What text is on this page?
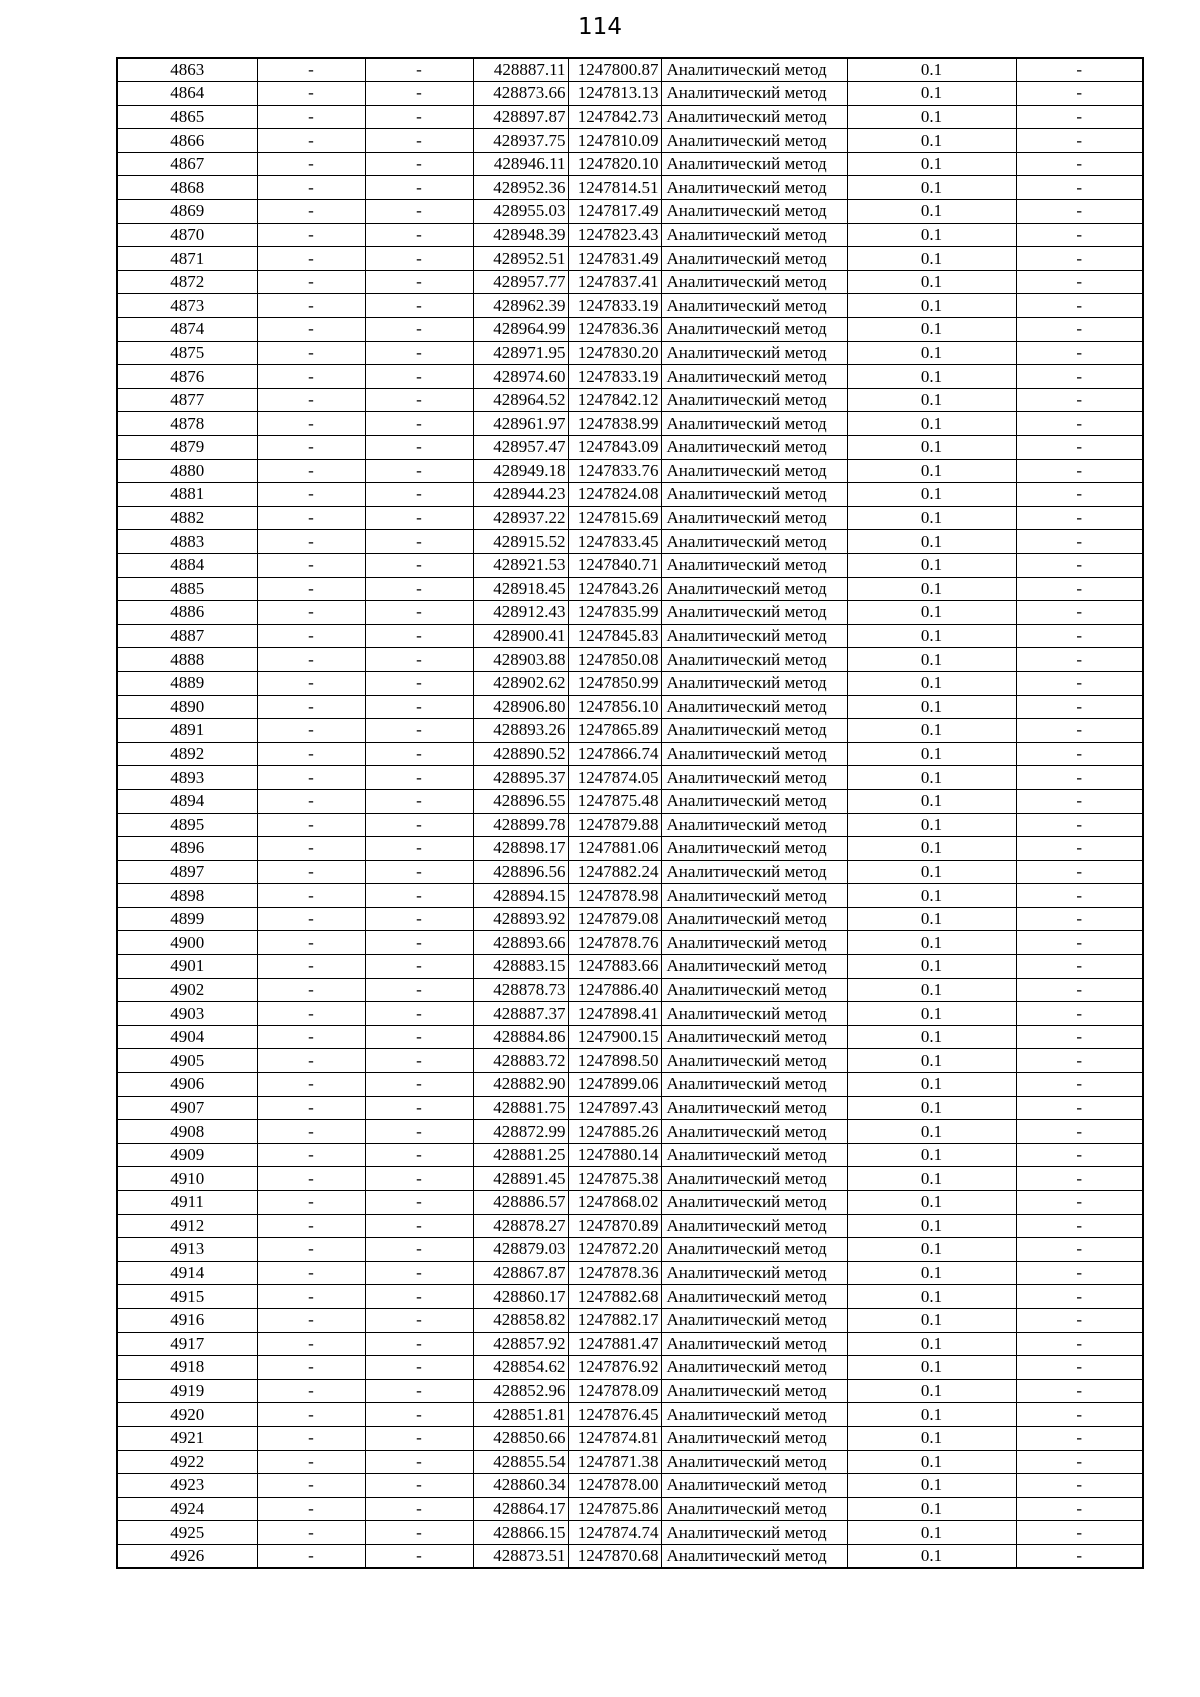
114
4863	-	-	428887.11	1247800.87	Аналитический метод	0.1	-
4864	-	-	428873.66	1247813.13	Аналитический метод	0.1	-
4865	-	-	428897.87	1247842.73	Аналитический метод	0.1	-
4866	-	-	428937.75	1247810.09	Аналитический метод	0.1	-
4867	-	-	428946.11	1247820.10	Аналитический метод	0.1	-
4868	-	-	428952.36	1247814.51	Аналитический метод	0.1	-
4869	-	-	428955.03	1247817.49	Аналитический метод	0.1	-
4870	-	-	428948.39	1247823.43	Аналитический метод	0.1	-
4871	-	-	428952.51	1247831.49	Аналитический метод	0.1	-
4872	-	-	428957.77	1247837.41	Аналитический метод	0.1	-
4873	-	-	428962.39	1247833.19	Аналитический метод	0.1	-
4874	-	-	428964.99	1247836.36	Аналитический метод	0.1	-
4875	-	-	428971.95	1247830.20	Аналитический метод	0.1	-
4876	-	-	428974.60	1247833.19	Аналитический метод	0.1	-
4877	-	-	428964.52	1247842.12	Аналитический метод	0.1	-
4878	-	-	428961.97	1247838.99	Аналитический метод	0.1	-
4879	-	-	428957.47	1247843.09	Аналитический метод	0.1	-
4880	-	-	428949.18	1247833.76	Аналитический метод	0.1	-
4881	-	-	428944.23	1247824.08	Аналитический метод	0.1	-
4882	-	-	428937.22	1247815.69	Аналитический метод	0.1	-
4883	-	-	428915.52	1247833.45	Аналитический метод	0.1	-
4884	-	-	428921.53	1247840.71	Аналитический метод	0.1	-
4885	-	-	428918.45	1247843.26	Аналитический метод	0.1	-
4886	-	-	428912.43	1247835.99	Аналитический метод	0.1	-
4887	-	-	428900.41	1247845.83	Аналитический метод	0.1	-
4888	-	-	428903.88	1247850.08	Аналитический метод	0.1	-
4889	-	-	428902.62	1247850.99	Аналитический метод	0.1	-
4890	-	-	428906.80	1247856.10	Аналитический метод	0.1	-
4891	-	-	428893.26	1247865.89	Аналитический метод	0.1	-
4892	-	-	428890.52	1247866.74	Аналитический метод	0.1	-
4893	-	-	428895.37	1247874.05	Аналитический метод	0.1	-
4894	-	-	428896.55	1247875.48	Аналитический метод	0.1	-
4895	-	-	428899.78	1247879.88	Аналитический метод	0.1	-
4896	-	-	428898.17	1247881.06	Аналитический метод	0.1	-
4897	-	-	428896.56	1247882.24	Аналитический метод	0.1	-
4898	-	-	428894.15	1247878.98	Аналитический метод	0.1	-
4899	-	-	428893.92	1247879.08	Аналитический метод	0.1	-
4900	-	-	428893.66	1247878.76	Аналитический метод	0.1	-
4901	-	-	428883.15	1247883.66	Аналитический метод	0.1	-
4902	-	-	428878.73	1247886.40	Аналитический метод	0.1	-
4903	-	-	428887.37	1247898.41	Аналитический метод	0.1	-
4904	-	-	428884.86	1247900.15	Аналитический метод	0.1	-
4905	-	-	428883.72	1247898.50	Аналитический метод	0.1	-
4906	-	-	428882.90	1247899.06	Аналитический метод	0.1	-
4907	-	-	428881.75	1247897.43	Аналитический метод	0.1	-
4908	-	-	428872.99	1247885.26	Аналитический метод	0.1	-
4909	-	-	428881.25	1247880.14	Аналитический метод	0.1	-
4910	-	-	428891.45	1247875.38	Аналитический метод	0.1	-
4911	-	-	428886.57	1247868.02	Аналитический метод	0.1	-
4912	-	-	428878.27	1247870.89	Аналитический метод	0.1	-
4913	-	-	428879.03	1247872.20	Аналитический метод	0.1	-
4914	-	-	428867.87	1247878.36	Аналитический метод	0.1	-
4915	-	-	428860.17	1247882.68	Аналитический метод	0.1	-
4916	-	-	428858.82	1247882.17	Аналитический метод	0.1	-
4917	-	-	428857.92	1247881.47	Аналитический метод	0.1	-
4918	-	-	428854.62	1247876.92	Аналитический метод	0.1	-
4919	-	-	428852.96	1247878.09	Аналитический метод	0.1	-
4920	-	-	428851.81	1247876.45	Аналитический метод	0.1	-
4921	-	-	428850.66	1247874.81	Аналитический метод	0.1	-
4922	-	-	428855.54	1247871.38	Аналитический метод	0.1	-
4923	-	-	428860.34	1247878.00	Аналитический метод	0.1	-
4924	-	-	428864.17	1247875.86	Аналитический метод	0.1	-
4925	-	-	428866.15	1247874.74	Аналитический метод	0.1	-
4926	-	-	428873.51	1247870.68	Аналитический метод	0.1	-
